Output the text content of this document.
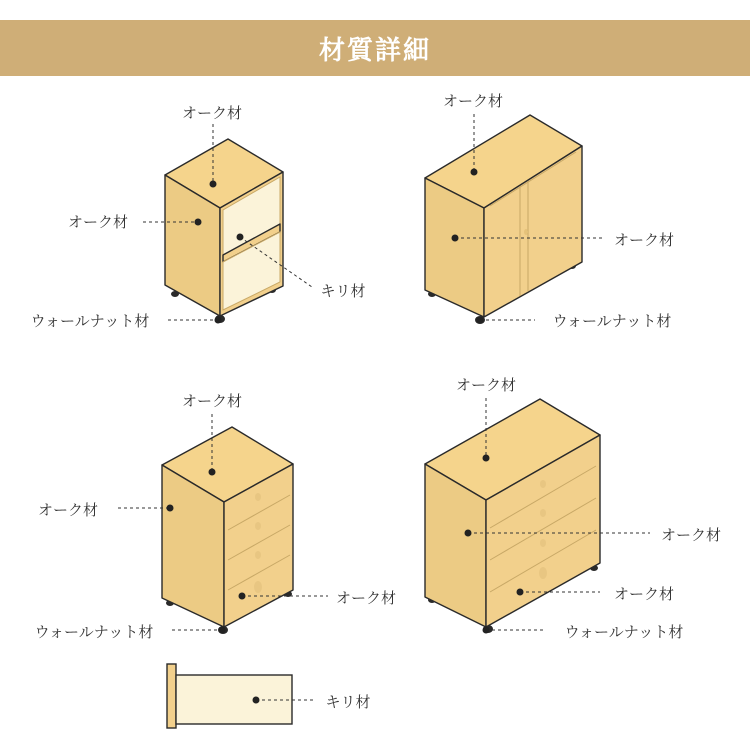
材質詳細
オーク材
オーク材
キリ材
ウォールナット材
オーク材
オーク材
ウォールナット材
オーク材
オーク材
オーク材
ウォールナット材
オーク材
オーク材
オーク材
ウォールナット材
キリ材
